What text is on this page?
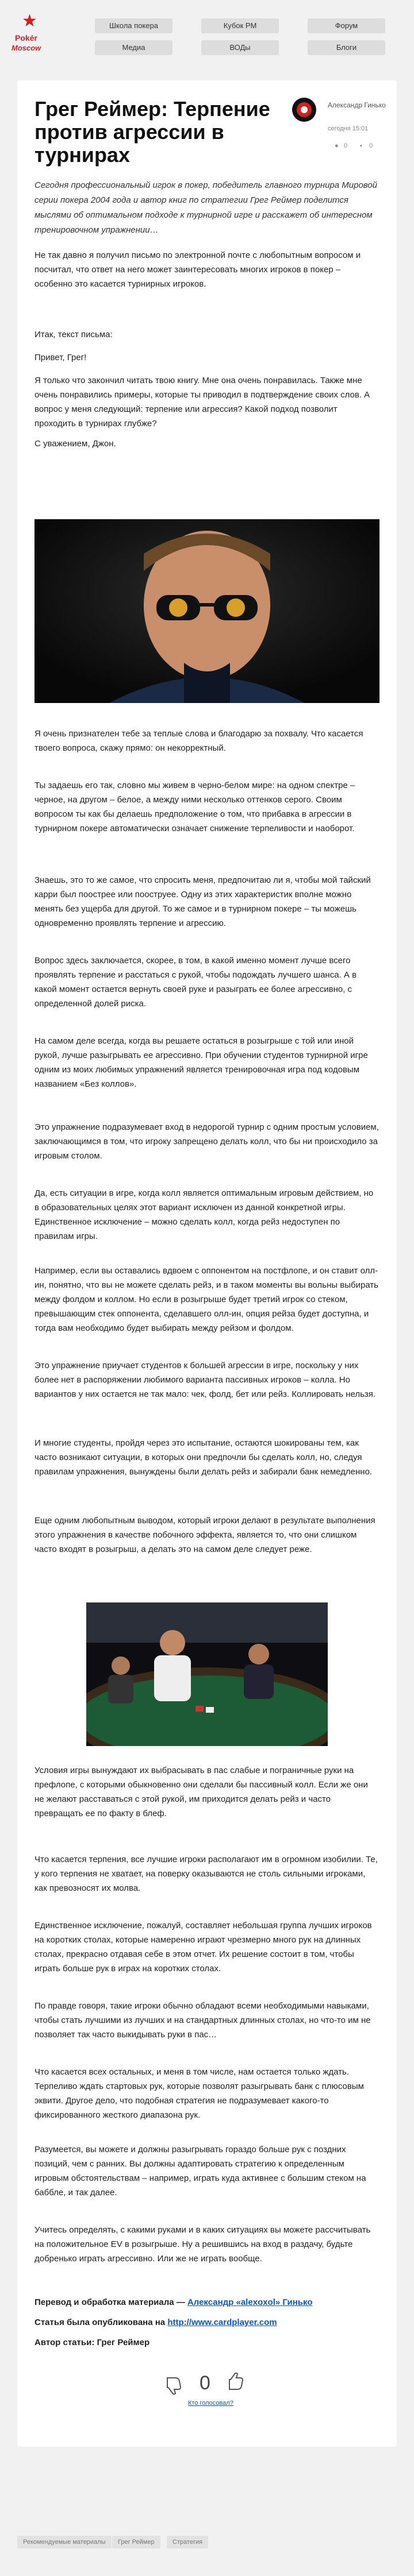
★
Pokér
Moscow
Школа покера	Кубок РМ	Форум
Медиа	ВОДы	Блоги
Грег Реймер: Терпение против агрессии в турнирах
Александр Гинько
сегодня 15:01
● 0 ▪ 0
Сегодня профессиональный игрок в покер, победитель главного турнира Мировой серии покера 2004 года и автор книг по стратегии Грег Реймер поделится мыслями об оптимальном подходе к турнирной игре и расскажет об интересном тренировочном упражнении…
Не так давно я получил письмо по электронной почте с любопытным вопросом и посчитал, что ответ на него может заинтересовать многих игроков в покер – особенно это касается турнирных игроков.
Итак, текст письма:
Привет, Грег!
Я только что закончил читать твою книгу. Мне она очень понравилась. Также мне очень понравились примеры, которые ты приводил в подтверждение своих слов. А вопрос у меня следующий: терпение или агрессия? Какой подход позволит проходить в турнирах глубже?
С уважением, Джон.
Я очень признателен тебе за теплые слова и благодарю за похвалу. Что касается твоего вопроса, скажу прямо: он некорректный.
Ты задаешь его так, словно мы живем в черно-белом мире: на одном спектре – черное, на другом – белое, а между ними несколько оттенков серого. Своим вопросом ты как бы делаешь предположение о том, что прибавка в агрессии в турнирном покере автоматически означает снижение терпеливости и наоборот.
Знаешь, это то же самое, что спросить меня, предпочитаю ли я, чтобы мой тайский карри был поострее или пооструее. Одну из этих характеристик вполне можно менять без ущерба для другой. То же самое и в турнирном покере – ты можешь одновременно проявлять терпение и агрессию.
Вопрос здесь заключается, скорее, в том, в какой именно момент лучше всего проявлять терпение и расстаться с рукой, чтобы подождать лучшего шанса. А в какой момент остается вернуть своей руке и разыграть ее более агрессивно, с определенной долей риска.
На самом деле всегда, когда вы решаете остаться в розыгрыше с той или иной рукой, лучше разыгрывать ее агрессивно. При обучении студентов турнирной игре одним из моих любимых упражнений является тренировочная игра под кодовым названием «Без коллов».
Это упражнение подразумевает вход в недорогой турнир с одним простым условием, заключающимся в том, что игроку запрещено делать колл, что бы ни происходило за игровым столом.
Да, есть ситуации в игре, когда колл является оптимальным игровым действием, но в образовательных целях этот вариант исключен из данной конкретной игры. Единственное исключение – можно сделать колл, когда рейз недоступен по правилам игры.
Например, если вы оставались вдвоем с оппонентом на постфлопе, и он ставит олл-ин, понятно, что вы не можете сделать рейз, и в таком моменты вы вольны выбирать между фолдом и коллом. Но если в розыгрыше будет третий игрок со стеком, превышающим стек оппонента, сделавшего олл-ин, опция рейза будет доступна, и тогда вам необходимо будет выбирать между рейзом и фолдом.
Это упражнение приучает студентов к большей агрессии в игре, поскольку у них более нет в распоряжении любимого варианта пассивных игроков – колла. Но вариантов у них остается не так мало: чек, фолд, бет или рейз. Коллировать нельзя.
И многие студенты, пройдя через это испытание, остаются шокированы тем, как часто возникают ситуации, в которых они предпочли бы сделать колл, но, следуя правилам упражнения, вынуждены были делать рейз и забирали банк немедленно.
Еще одним любопытным выводом, который игроки делают в результате выполнения этого упражнения в качестве побочного эффекта, является то, что они слишком часто входят в розыгрыш, а делать это на самом деле следует реже.
Условия игры вынуждают их выбрасывать в пас слабые и пограничные руки на префлопе, с которыми обыкновенно они сделали бы пассивный колл. Если же они не желают расставаться с этой рукой, им приходится делать рейз и часто превращать ее по факту в блеф.
Что касается терпения, все лучшие игроки располагают им в огромном изобилии. Те, у кого терпения не хватает, на поверку оказываются не столь сильными игроками, как превозносят их молва.
Единственное исключение, пожалуй, составляет небольшая группа лучших игроков на коротких столах, которые намеренно играют чрезмерно много рук на длинных столах, прекрасно отдавая себе в этом отчет. Их решение состоит в том, чтобы играть больше рук в играх на коротких столах.
По правде говоря, такие игроки обычно обладают всеми необходимыми навыками, чтобы стать лучшими из лучших и на стандартных длинных столах, но что-то им не позволяет так часто выкидывать руки в пас…
Что касается всех остальных, и меня в том числе, нам остается только ждать. Терпеливо ждать стартовых рук, которые позволят разыгрывать банк с плюсовым эквити. Другое дело, что подобная стратегия не подразумевает какого-то фиксированного жесткого диапазона рук.
Разумеется, вы можете и должны разыгрывать гораздо больше рук с поздних позиций, чем с ранних. Вы должны адаптировать стратегию к определенным игровым обстоятельствам – например, играть куда активнее с большим стеком на баббле, и так далее.
Учитесь определять, с какими руками и в каких ситуациях вы можете рассчитывать на положительное EV в розыгрыше. Ну а решившись на вход в раздачу, будьте добренько играть агрессивно. Или же не играть вообще.
Перевод и обработка материала — Александр «alexoxol» Гинько
Статья была опубликована на http://www.cardplayer.com
Автор статьи: Грег Реймер
0
Кто голосовал?
Рекомендуемые материалы	Грег Реймер	Стратегия
